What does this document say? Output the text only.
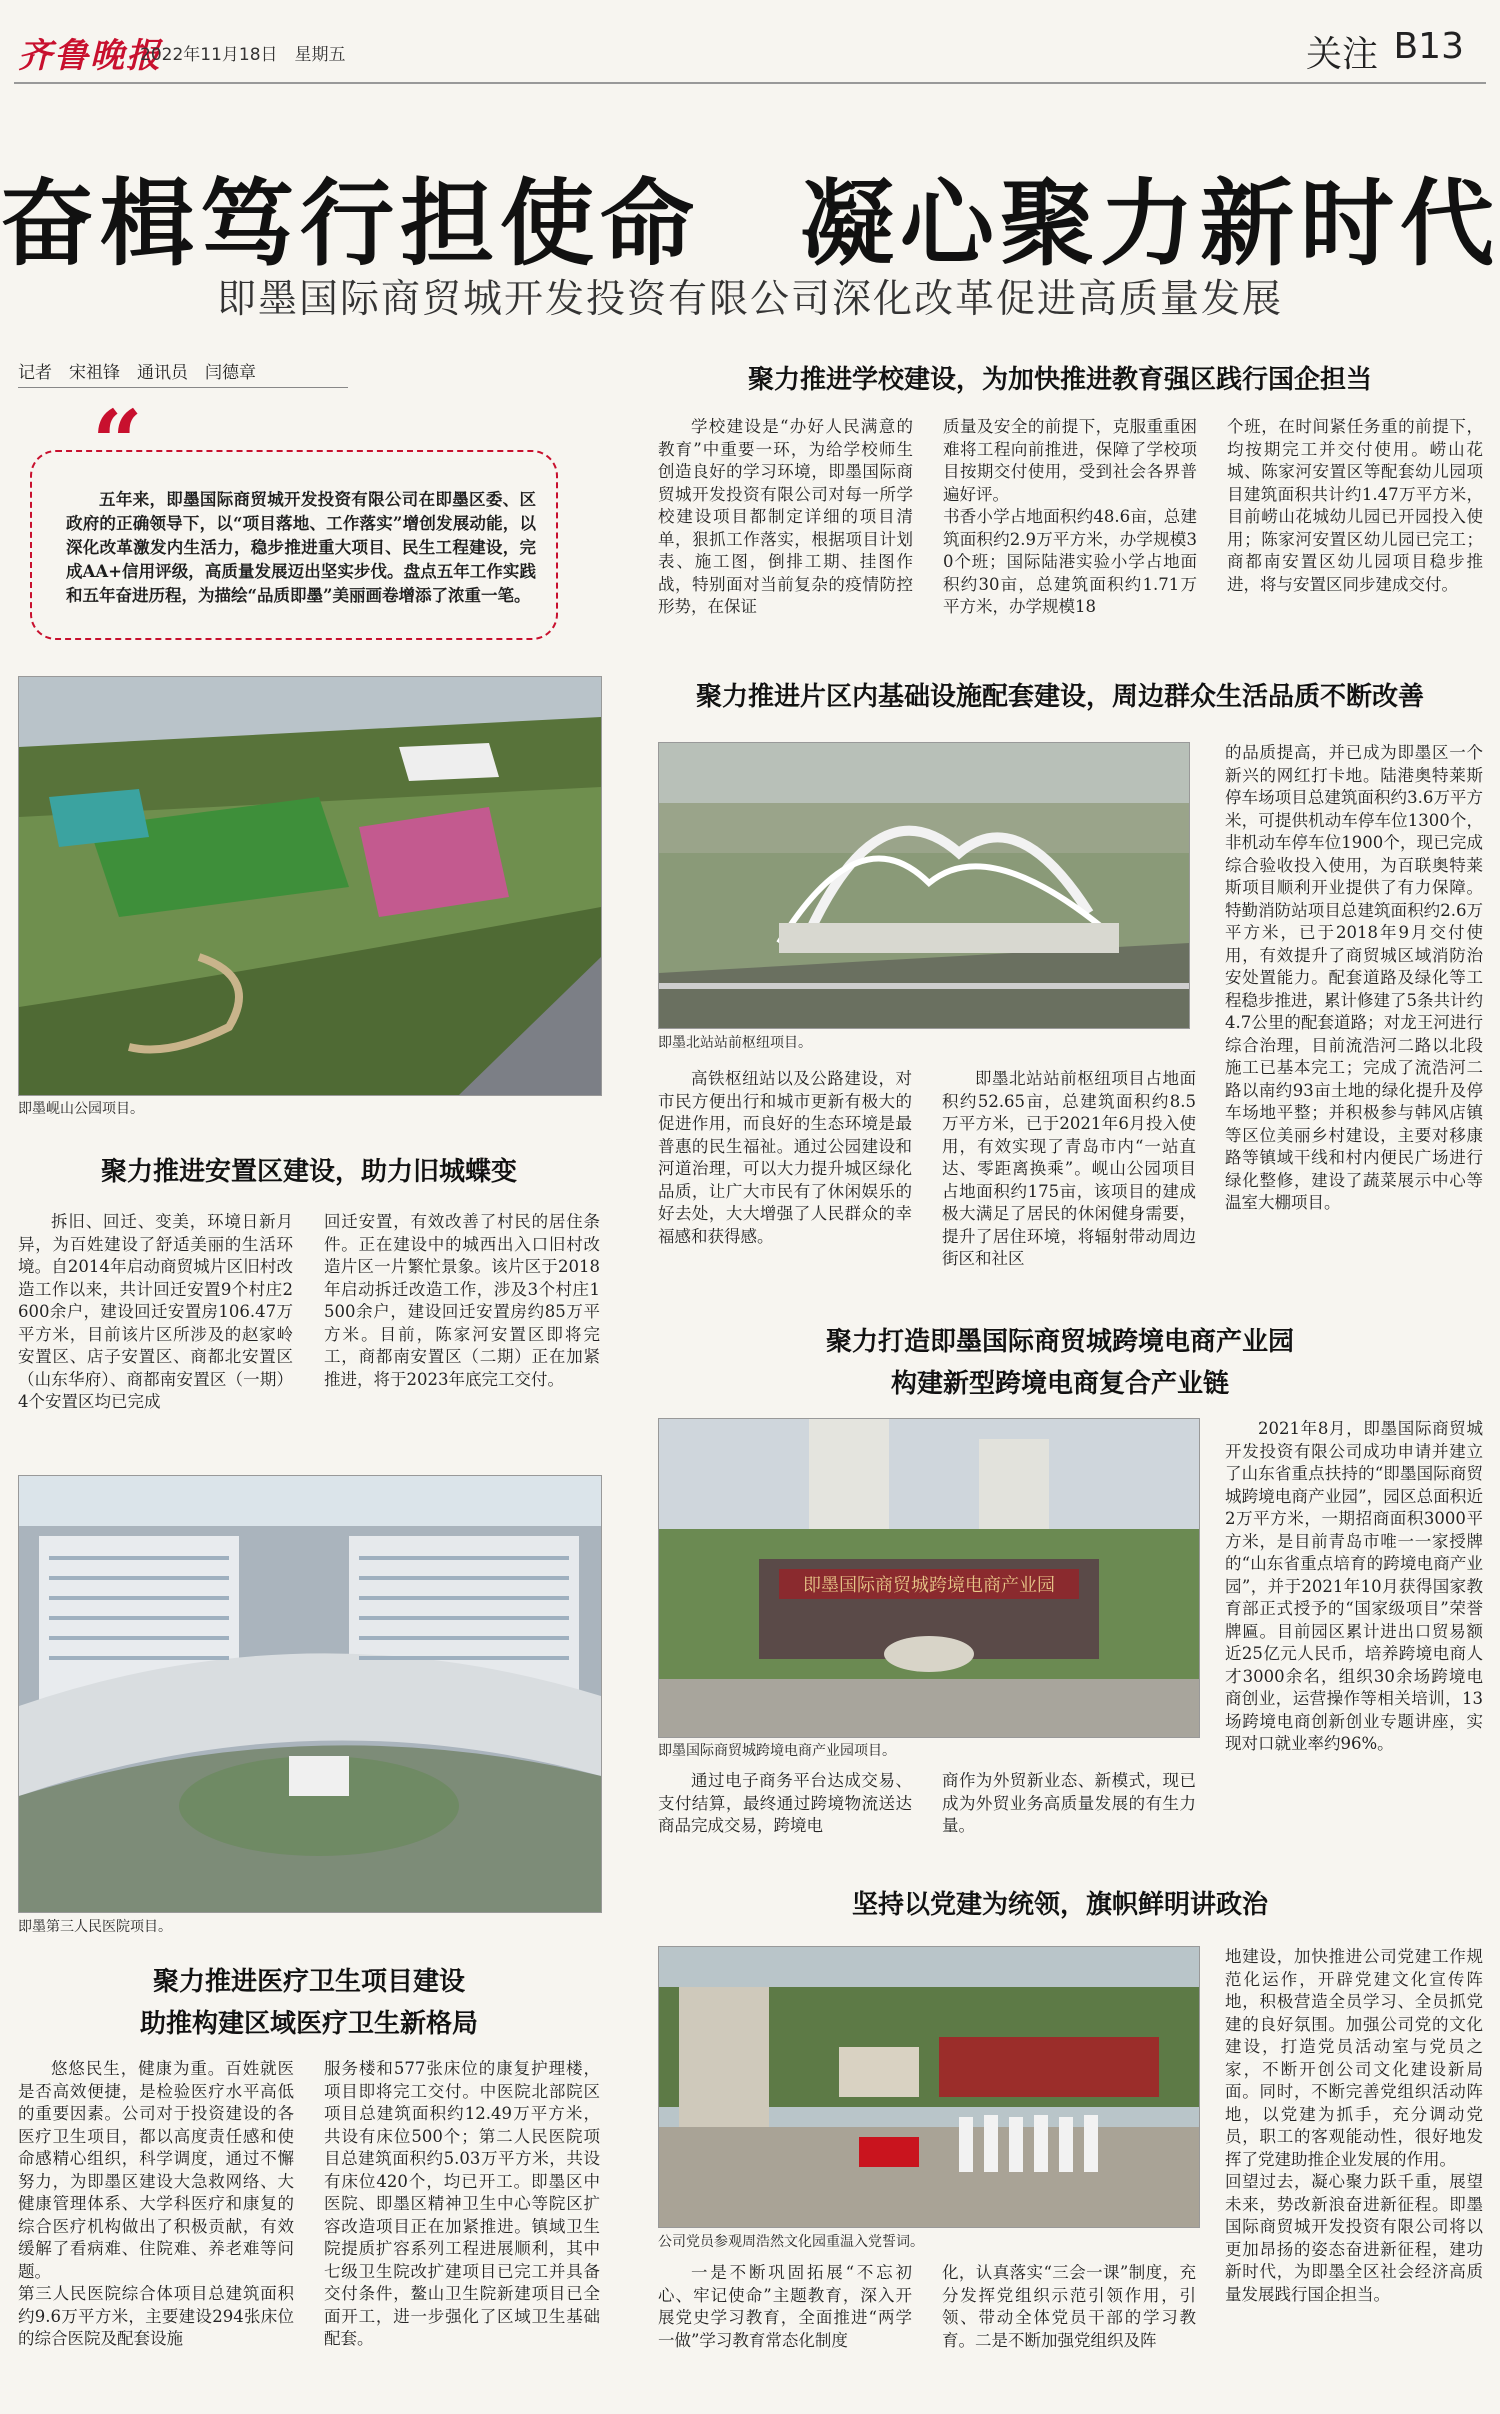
齐鲁晚报
2022年11月18日　星期五	关注 B13
奋楫笃行担使命　凝心聚力新时代
即墨国际商贸城开发投资有限公司深化改革促进高质量发展
记者　宋祖锋　通讯员　闫德章
“
五年来，即墨国际商贸城开发投资有限公司在即墨区委、区政府的正确领导下，以“项目落地、工作落实”增创发展动能，以深化改革激发内生活力，稳步推进重大项目、民生工程建设，完成AA+信用评级，高质量发展迈出坚实步伐。盘点五年工作实践和五年奋进历程，为描绘“品质即墨”美丽画卷增添了浓重一笔。
聚力推进学校建设，为加快推进教育强区践行国企担当
学校建设是“办好人民满意的教育”中重要一环，为给学校师生创造良好的学习环境，即墨国际商贸城开发投资有限公司对每一所学校建设项目都制定详细的项目清单，狠抓工作落实，根据项目计划表、施工图，倒排工期、挂图作战，特别面对当前复杂的疫情防控形势，在保证
质量及安全的前提下，克服重重困难将工程向前推进，保障了学校项目按期交付使用，受到社会各界普遍好评。
书香小学占地面积约48.6亩，总建筑面积约2.9万平方米，办学规模30个班；国际陆港实验小学占地面积约30亩，总建筑面积约1.71万平方米，办学规模18
个班，在时间紧任务重的前提下，均按期完工并交付使用。崂山花城、陈家河安置区等配套幼儿园项目建筑面积共计约1.47万平方米，目前崂山花城幼儿园已开园投入使用；陈家河安置区幼儿园已完工；商都南安置区幼儿园项目稳步推进，将与安置区同步建成交付。
即墨岘山公园项目。
聚力推进片区内基础设施配套建设，周边群众生活品质不断改善
即墨北站站前枢纽项目。
高铁枢纽站以及公路建设，对市民方便出行和城市更新有极大的促进作用，而良好的生态环境是最普惠的民生福祉。通过公园建设和河道治理，可以大力提升城区绿化品质，让广大市民有了休闲娱乐的好去处，大大增强了人民群众的幸福感和获得感。
即墨北站站前枢纽项目占地面积约52.65亩，总建筑面积约8.5万平方米，已于2021年6月投入使用，有效实现了青岛市内“一站直达、零距离换乘”。岘山公园项目占地面积约175亩，该项目的建成极大满足了居民的休闲健身需要，提升了居住环境，将辐射带动周边街区和社区
的品质提高，并已成为即墨区一个新兴的网红打卡地。陆港奥特莱斯停车场项目总建筑面积约3.6万平方米，可提供机动车停车位1300个，非机动车停车位1900个，现已完成综合验收投入使用，为百联奥特莱斯项目顺利开业提供了有力保障。特勤消防站项目总建筑面积约2.6万平方米，已于2018年9月交付使用，有效提升了商贸城区域消防治安处置能力。配套道路及绿化等工程稳步推进，累计修建了5条共计约4.7公里的配套道路；对龙王河进行综合治理，目前流浩河二路以北段施工已基本完工；完成了流浩河二路以南约93亩土地的绿化提升及停车场地平整；并积极参与韩风店镇等区位美丽乡村建设，主要对移康路等镇域干线和村内便民广场进行绿化整修，建设了蔬菜展示中心等温室大棚项目。
聚力推进安置区建设，助力旧城蝶变
拆旧、回迁、变美，环境日新月异，为百姓建设了舒适美丽的生活环境。自2014年启动商贸城片区旧村改造工作以来，共计回迁安置9个村庄2600余户，建设回迁安置房106.47万平方米，目前该片区所涉及的赵家岭安置区、店子安置区、商都北安置区（山东华府）、商都南安置区（一期）4个安置区均已完成
回迁安置，有效改善了村民的居住条件。正在建设中的城西出入口旧村改造片区一片繁忙景象。该片区于2018年启动拆迁改造工作，涉及3个村庄1500余户，建设回迁安置房约85万平方米。目前，陈家河安置区即将完工，商都南安置区（二期）正在加紧推进，将于2023年底完工交付。
即墨第三人民医院项目。
聚力推进医疗卫生项目建设
助推构建区域医疗卫生新格局
悠悠民生，健康为重。百姓就医是否高效便捷，是检验医疗水平高低的重要因素。公司对于投资建设的各医疗卫生项目，都以高度责任感和使命感精心组织，科学调度，通过不懈努力，为即墨区建设大急救网络、大健康管理体系、大学科医疗和康复的综合医疗机构做出了积极贡献，有效缓解了看病难、住院难、养老难等问题。
第三人民医院综合体项目总建筑面积约9.6万平方米，主要建设294张床位的综合医院及配套设施
服务楼和577张床位的康复护理楼，项目即将完工交付。中医院北部院区项目总建筑面积约12.49万平方米，共设有床位500个；第二人民医院项目总建筑面积约5.03万平方米，共设有床位420个，均已开工。即墨区中医院、即墨区精神卫生中心等院区扩容改造项目正在加紧推进。镇域卫生院提质扩容系列工程进展顺利，其中七级卫生院改扩建项目已完工并具备交付条件，鳌山卫生院新建项目已全面开工，进一步强化了区域卫生基础配套。
聚力打造即墨国际商贸城跨境电商产业园
构建新型跨境电商复合产业链
即墨国际商贸城跨境电商产业园
即墨国际商贸城跨境电商产业园项目。
通过电子商务平台达成交易、支付结算，最终通过跨境物流送达商品完成交易，跨境电
商作为外贸新业态、新模式，现已成为外贸业务高质量发展的有生力量。
2021年8月，即墨国际商贸城开发投资有限公司成功申请并建立了山东省重点扶持的“即墨国际商贸城跨境电商产业园”，园区总面积近2万平方米，一期招商面积3000平方米，是目前青岛市唯一一家授牌的“山东省重点培育的跨境电商产业园”，并于2021年10月获得国家教育部正式授予的“国家级项目”荣誉牌匾。目前园区累计进出口贸易额近25亿元人民币，培养跨境电商人才3000余名，组织30余场跨境电商创业，运营操作等相关培训，13场跨境电商创新创业专题讲座，实现对口就业率约96%。
坚持以党建为统领，旗帜鲜明讲政治
公司党员参观周浩然文化园重温入党誓词。
一是不断巩固拓展“不忘初心、牢记使命”主题教育，深入开展党史学习教育，全面推进“两学一做”学习教育常态化制度
化，认真落实“三会一课”制度，充分发挥党组织示范引领作用，引领、带动全体党员干部的学习教育。二是不断加强党组织及阵
地建设，加快推进公司党建工作规范化运作，开辟党建文化宣传阵地，积极营造全员学习、全员抓党建的良好氛围。加强公司党的文化建设，打造党员活动室与党员之家，不断开创公司文化建设新局面。同时，不断完善党组织活动阵地，以党建为抓手，充分调动党员，职工的客观能动性，很好地发挥了党建助推企业发展的作用。
回望过去，凝心聚力跃千重，展望未来，势改新浪奋进新征程。即墨国际商贸城开发投资有限公司将以更加昂扬的姿态奋进新征程，建功新时代，为即墨全区社会经济高质量发展践行国企担当。
